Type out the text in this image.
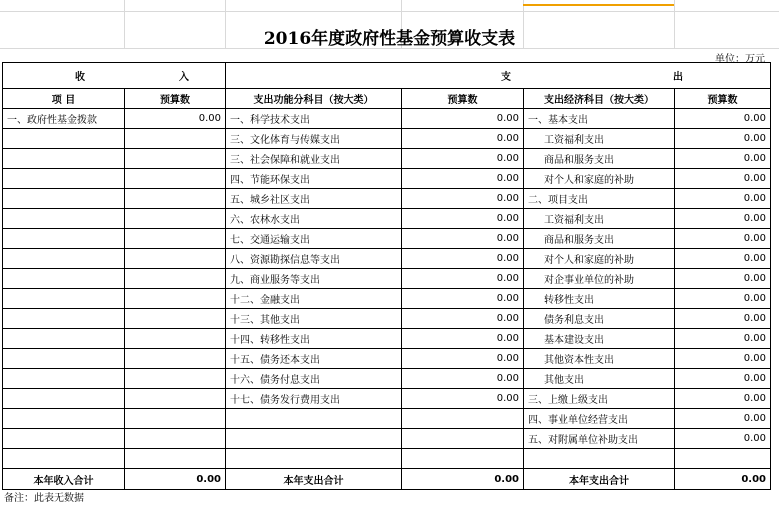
2016年度政府性基金预算收支表
单位：万元
收 入		支 出			
项 目	预算数	支出功能分科目（按大类）	预算数	支出经济科目（按大类）	预算数
一、政府性基金拨款	0.00	一、科学技术支出	0.00	一、基本支出	0.00
		三、文化体育与传媒支出	0.00	工资福利支出	0.00
		三、社会保障和就业支出	0.00	商品和服务支出	0.00
		四、节能环保支出	0.00	对个人和家庭的补助	0.00
		五、城乡社区支出	0.00	二、项目支出	0.00
		六、农林水支出	0.00	工资福利支出	0.00
		七、交通运输支出	0.00	商品和服务支出	0.00
		八、资源勘探信息等支出	0.00	对个人和家庭的补助	0.00
		九、商业服务等支出	0.00	对企事业单位的补助	0.00
		十二、金融支出	0.00	转移性支出	0.00
		十三、其他支出	0.00	债务利息支出	0.00
		十四、转移性支出	0.00	基本建设支出	0.00
		十五、债务还本支出	0.00	其他资本性支出	0.00
		十六、债务付息支出	0.00	其他支出	0.00
		十七、债务发行费用支出	0.00	三、上缴上级支出	0.00
				四、事业单位经营支出	0.00
				五、对附属单位补助支出	0.00

本年收入合计	0.00	本年支出合计	0.00	本年支出合计	0.00
备注：此表无数据
